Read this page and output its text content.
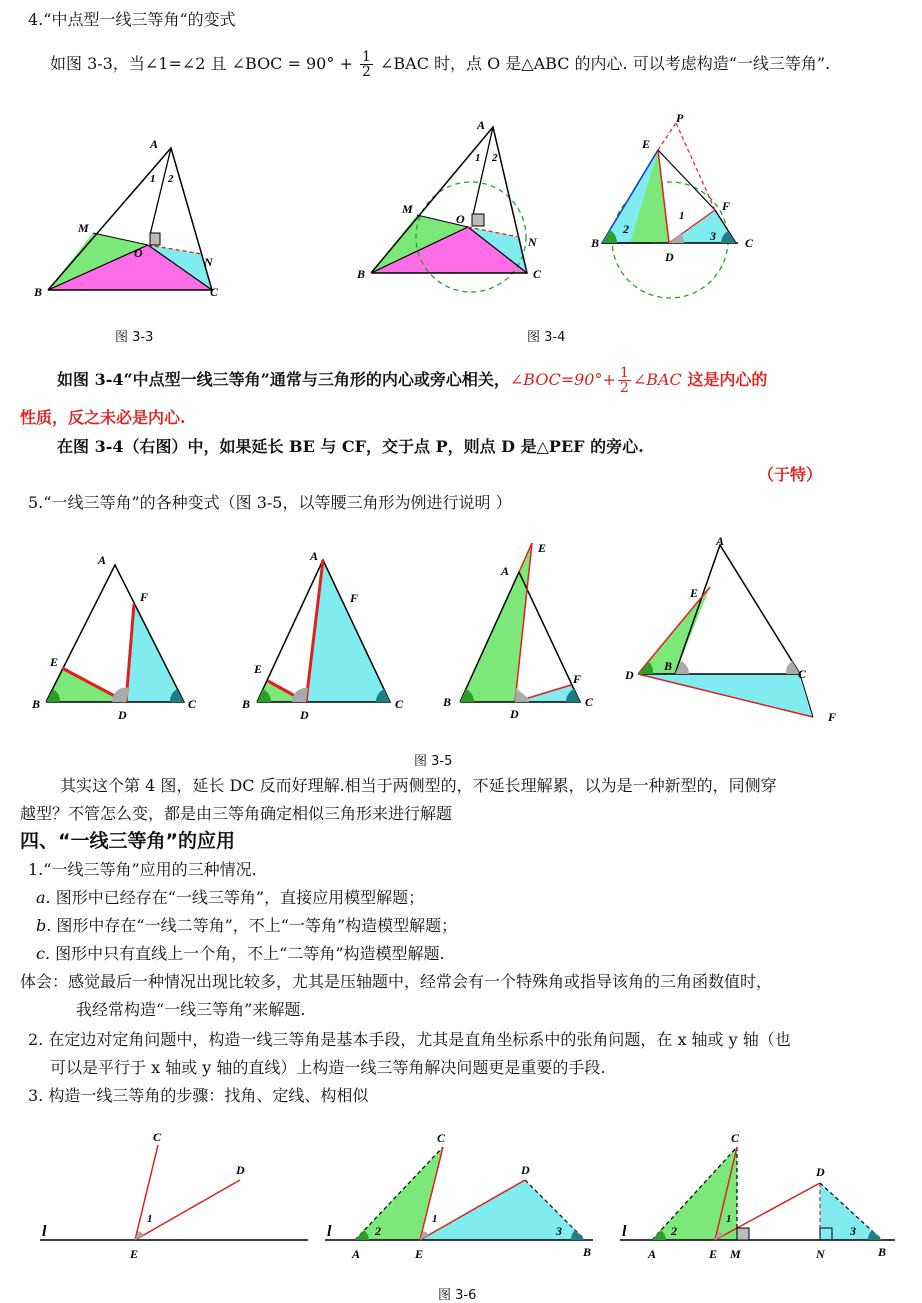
4.“中点型一线三等角“的变式
如图 3-3，当∠1=∠2 且 ∠BOC = $90^\circ + \frac{1}{2}$ ∠BAC 时，点 O 是△ABC 的内心. 可以考虑构造“一线三等角”.
A
1 2
M
O
N
B	C
图 3-3
A
1 2
M
O
N
B	C
图 3-4
P
E
F
1
2	3
B	C
D
如图 3-4“中点型一线三等角”通常与三角形的内心或旁心相关，∠BOC=90°+ $\frac{1}{2}$ ∠BAC 这是内心的
性质，反之未必是内心.
在图 3-4（右图）中，如果延长 BE 与 CF，交于点 P，则点 D 是△PEF 的旁心.
（于特）
5.“一线三等角”的各种变式（图 3-5，以等腰三角形为例进行说明 ）
A
F
E
B
D
C
A
F
E
B
D
C
E
A
F
B
D
C
A
E
D
B
C
F
图 3-5
其实这个第 4 图，延长 DC 反而好理解.相当于两侧型的，不延长理解累，以为是一种新型的，同侧穿
越型？不管怎么变，都是由三等角确定相似三角形来进行解题
四、“一线三等角”的应用
1.“一线三等角”应用的三种情况.
a. 图形中已经存在“一线三等角”，直接应用模型解题；
b. 图形中存在“一线二等角”，不上“一等角”构造模型解题；
c. 图形中只有直线上一个角，不上“二等角”构造模型解题.
体会：感觉最后一种情况出现比较多，尤其是压轴题中，经常会有一个特殊角或指导该角的三角函数值时，
我经常构造“一线三等角”来解题.
2. 在定边对定角问题中，构造一线三等角是基本手段，尤其是直角坐标系中的张角问题，在 x 轴或 y 轴（也
可以是平行于 x 轴或 y 轴的直线）上构造一线三等角解决问题更是重要的手段.
3. 构造一线三等角的步骤：找角、定线、构相似
l
C
D
1
E
l
C
D
1
2	3
A	E	B
l
C
D
1
2	3
A	E M	N	B
图 3-6
